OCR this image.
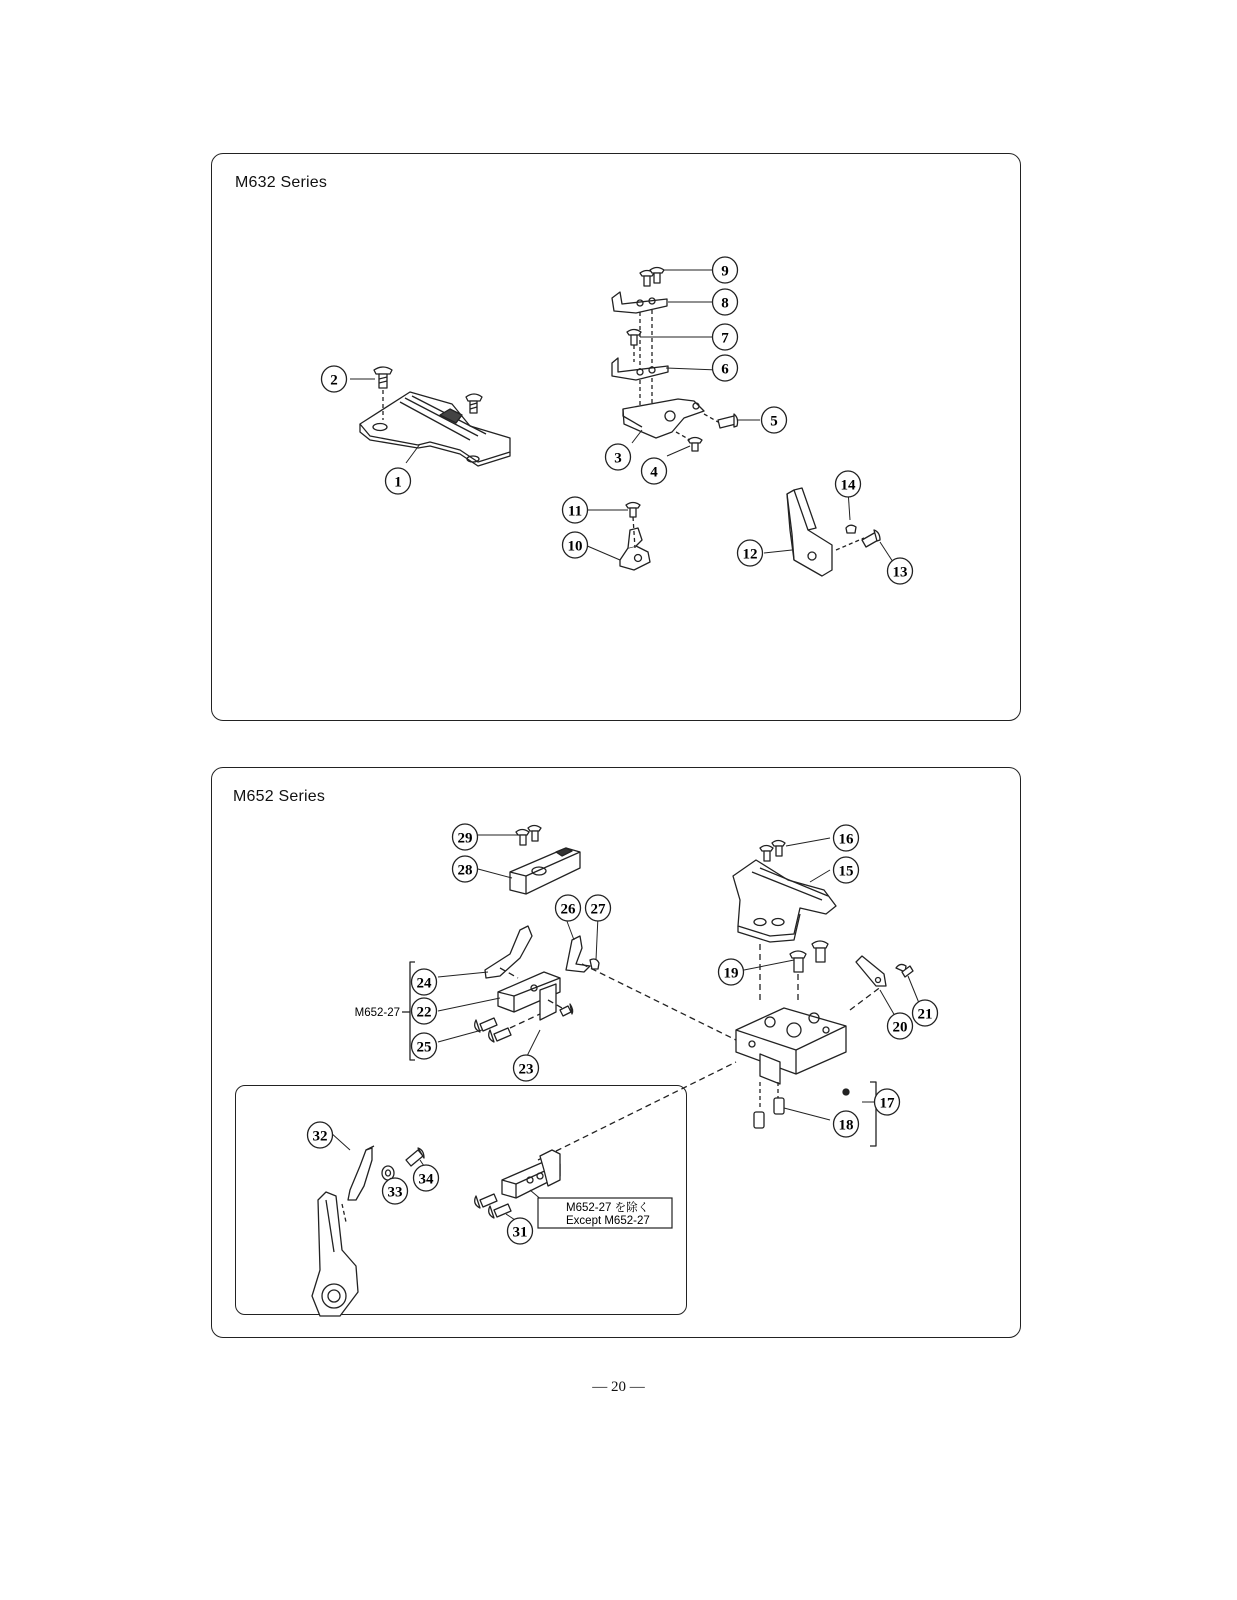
M632 Series
M652 Series
1
2
3
4
5
6
7
8
9
10
11
12
13
14
15
16
17
18
19
20
21
22
23
24
25
26 27
28
29
31
32
33
34
M652-27
M652-27 を除く
Except M652-27
— 20 —
